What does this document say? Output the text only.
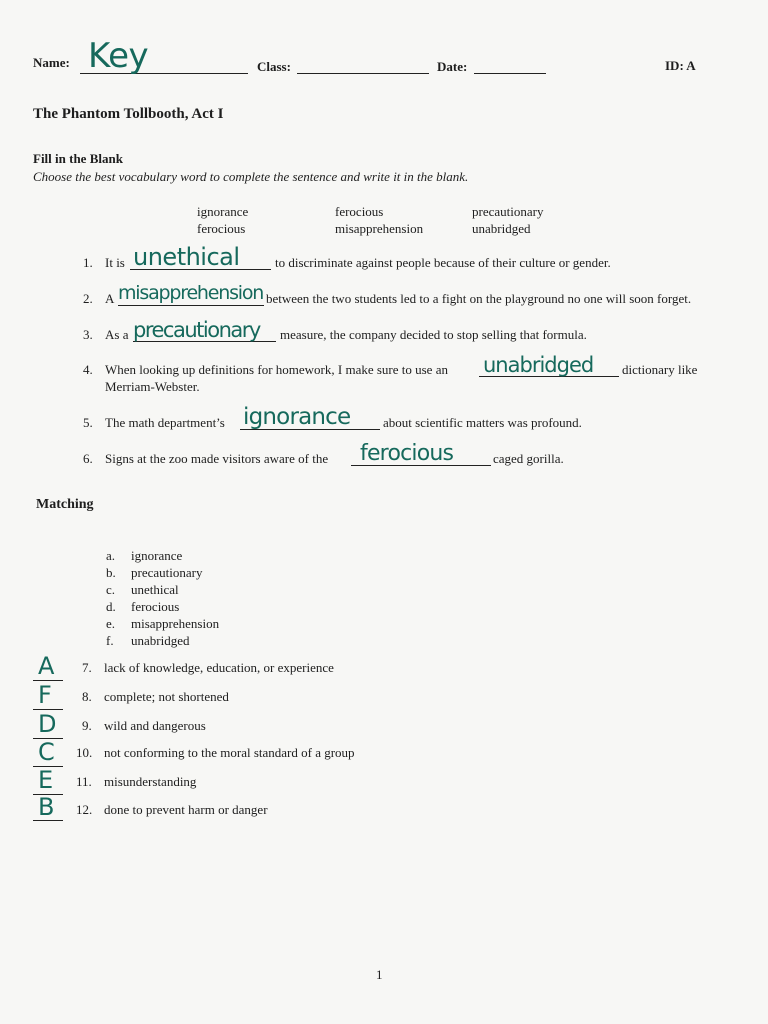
Name: Key	Class:	Date:	ID: A
The Phantom Tollbooth, Act I
Fill in the Blank
Choose the best vocabulary word to complete the sentence and write it in the blank.
ignorance	ferocious	precautionary
ferocious	misapprehension	unabridged
1. It is unethical	to discriminate against people because of their culture or gender.
2. A misapprehension between the two students led to a fight on the playground no one will soon forget.
3. As a precautionary measure, the company decided to stop selling that formula.
4. When looking up definitions for homework, I make sure to use an unabridged dictionary like
Merriam-Webster.
5. The math department’s ignorance	about scientific matters was profound.
6. Signs at the zoo made visitors aware of the ferocious	caged gorilla.
Matching
a. ignorance
b. precautionary
c. unethical
d. ferocious
e. misapprehension
f. unabridged
A 7. lack of knowledge, education, or experience
F 8. complete; not shortened
D 9. wild and dangerous
C 10. not conforming to the moral standard of a group
E 11. misunderstanding
B 12. done to prevent harm or danger
1
